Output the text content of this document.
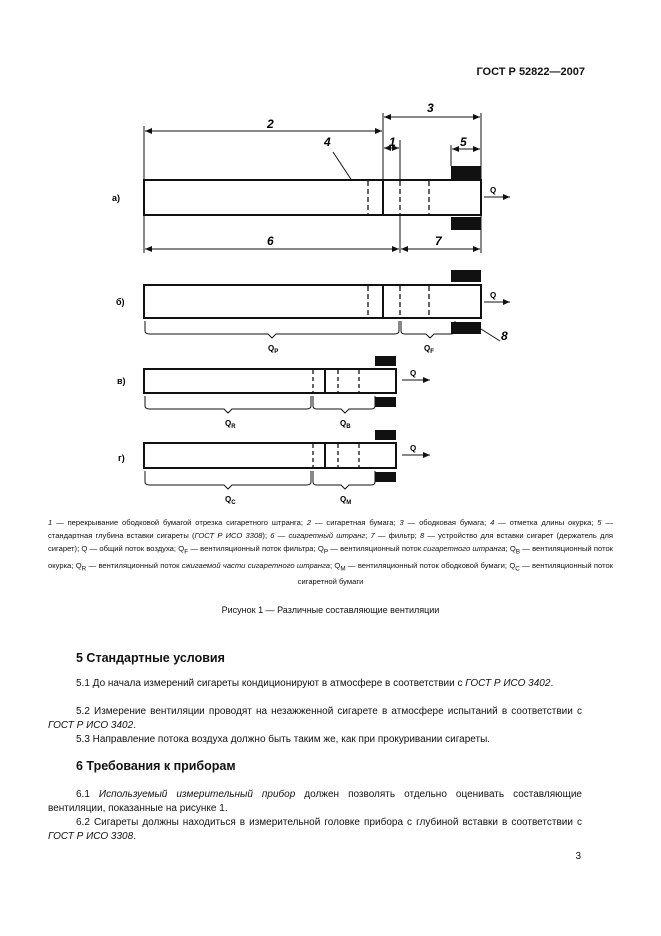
ГОСТ Р 52822—2007
а)
3
2
4	1	5
6	7
Q
б)
Q
8
$Q_P$	$Q_F$
в)
Q
$Q_R$	$Q_B$
г)
Q
$Q_C$	$Q_M$
1 — перекрывание ободковой бумагой отрезка сигаретного штранга; 2 — сигаретная бумага; 3 — ободковая бумага; 4 — отметка длины окурка; 5 — стандартная глубина вставки сигареты (ГОСТ Р ИСО 3308); 6 — сигаретный штранг; 7 — фильтр; 8 — устройство для вставки сигарет (держатель для сигарет); Q — общий поток воздуха; $Q_F$ — вентиляционный поток фильтра; $Q_P$ — вентиляционный поток сигаретного штранга; $Q_B$ — вентиляционный поток окурка; $Q_R$ — вентиляционный поток сжигаемой части сигаретного штранга; $Q_M$ — вентиляционный поток ободковой бумаги; $Q_C$ — вентиляционный поток сигаретной бумаги
Рисунок 1 — Различные составляющие вентиляции
5 Стандартные условия
5.1 До начала измерений сигареты кондиционируют в атмосфере в соответствии с ГОСТ Р ИСО 3402.
5.2 Измерение вентиляции проводят на незажженной сигарете в атмосфере испытаний в соответствии с ГОСТ Р ИСО 3402.
5.3 Направление потока воздуха должно быть таким же, как при прокуривании сигареты.
6 Требования к приборам
6.1 Используемый измерительный прибор должен позволять отдельно оценивать составляющие вентиляции, показанные на рисунке 1.
6.2 Сигареты должны находиться в измерительной головке прибора с глубиной вставки в соответствии с ГОСТ Р ИСО 3308.
3
